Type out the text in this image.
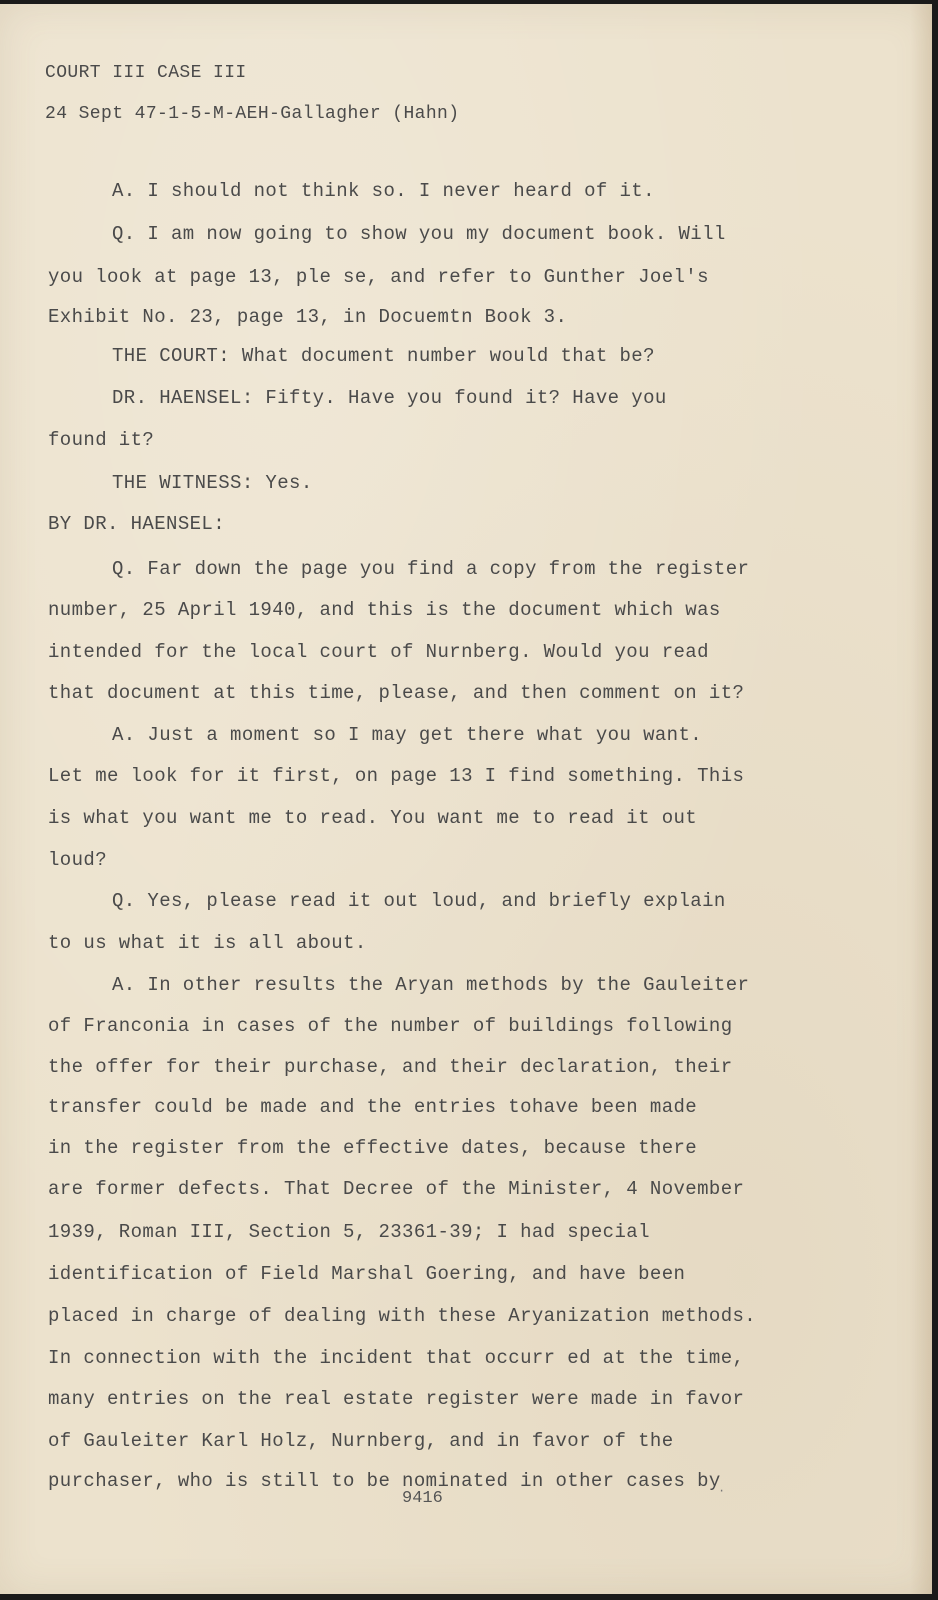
COURT III CASE III
24 Sept 47-1-5-M-AEH-Gallagher (Hahn)
A. I should not think so. I never heard of it.
Q. I am now going to show you my document book. Will
you look at page 13, ple se, and refer to Gunther Joel's
Exhibit No. 23, page 13, in Docuemtn Book 3.
THE COURT: What document number would that be?
DR. HAENSEL: Fifty. Have you found it? Have you
found it?
THE WITNESS: Yes.
BY DR. HAENSEL:
Q. Far down the page you find a copy from the register
number, 25 April 1940, and this is the document which was
intended for the local court of Nurnberg. Would you read
that document at this time, please, and then comment on it?
A. Just a moment so I may get there what you want.
Let me look for it first, on page 13 I find something. This
is what you want me to read. You want me to read it out
loud?
Q. Yes, please read it out loud, and briefly explain
to us what it is all about.
A. In other results the Aryan methods by the Gauleiter
of Franconia in cases of the number of buildings following
the offer for their purchase, and their declaration, their
transfer could be made and the entries tohave been made
in the register from the effective dates, because there
are former defects. That Decree of the Minister, 4 November
1939, Roman III, Section 5, 23361-39; I had special
identification of Field Marshal Goering, and have been
placed in charge of dealing with these Aryanization methods.
In connection with the incident that occurr ed at the time,
many entries on the real estate register were made in favor
of Gauleiter Karl Holz, Nurnberg, and in favor of the
purchaser, who is still to be nominated in other cases by
9416	·
